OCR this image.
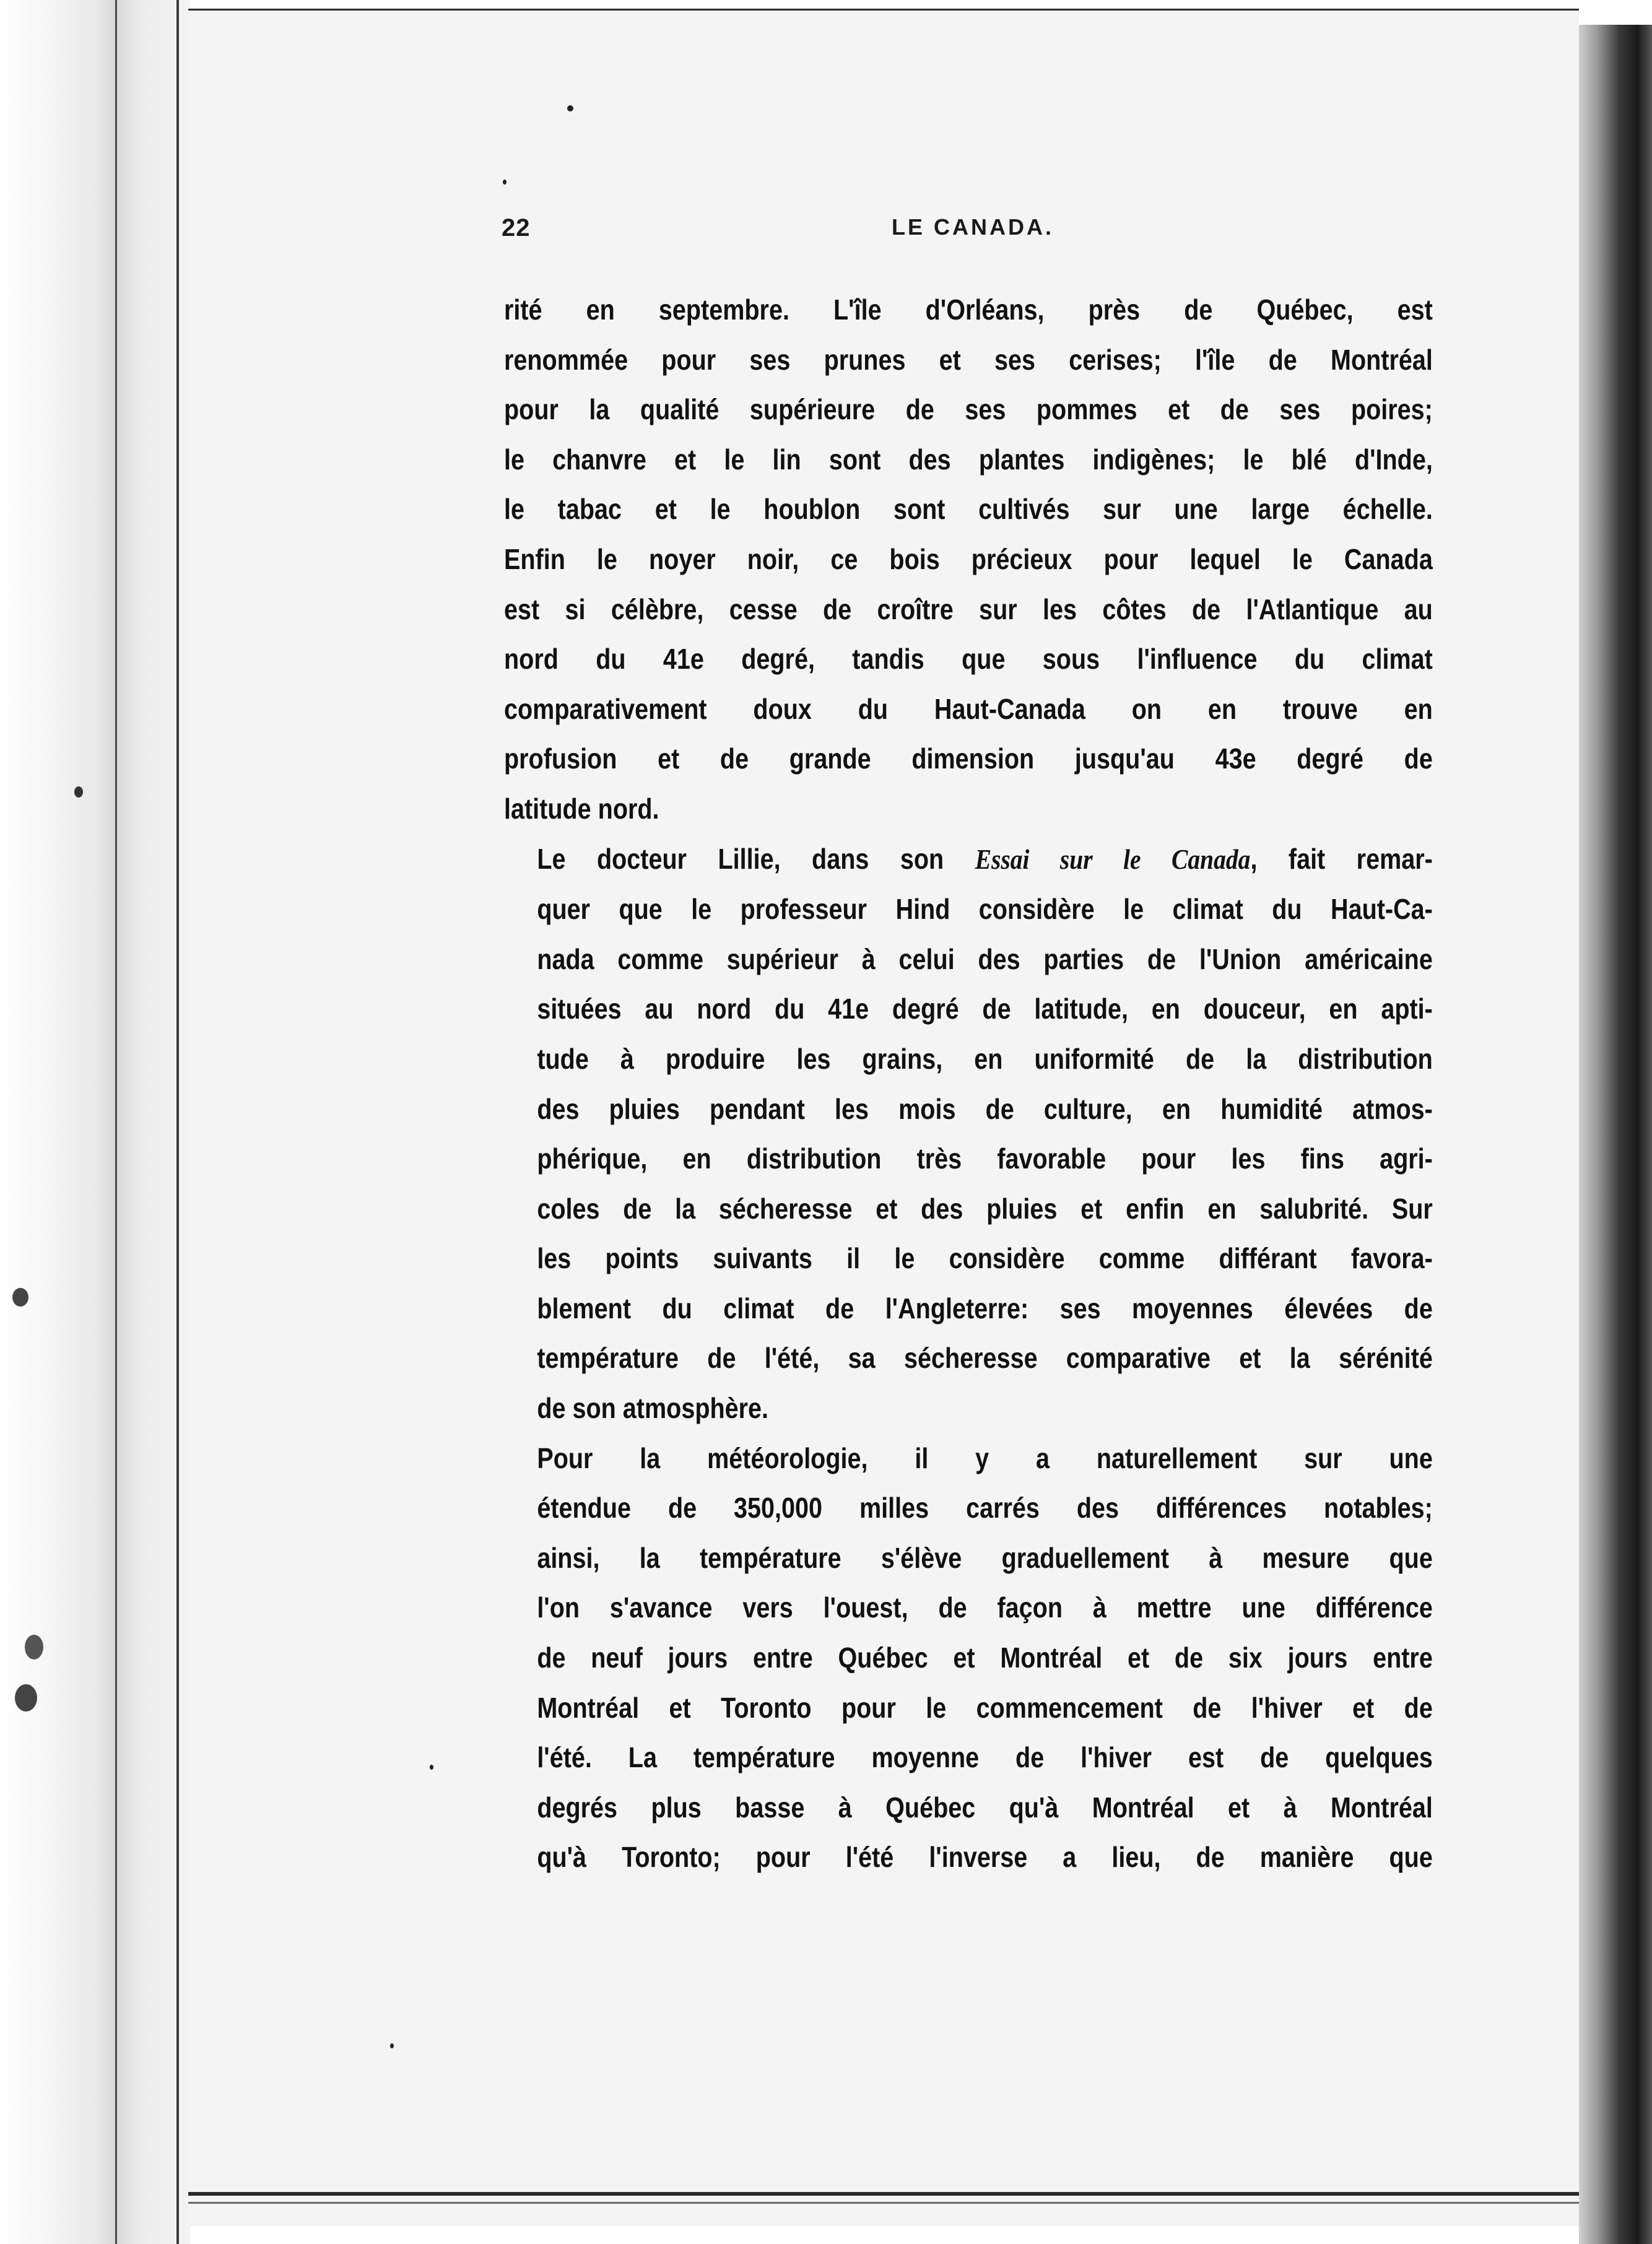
22	LE CANADA.

rité en septembre. L'île d'Orléans, près de Québec, est
renommée pour ses prunes et ses cerises; l'île de Montréal
pour la qualité supérieure de ses pommes et de ses poires;
le chanvre et le lin sont des plantes indigènes; le blé d'Inde,
le tabac et le houblon sont cultivés sur une large échelle.
Enfin le noyer noir, ce bois précieux pour lequel le Canada
est si célèbre, cesse de croître sur les côtes de l'Atlantique au
nord du 41e degré, tandis que sous l'influence du climat
comparativement doux du Haut-Canada on en trouve en
profusion et de grande dimension jusqu'au 43e degré de
latitude nord.

Le docteur Lillie, dans son Essai sur le Canada, fait remar-
quer que le professeur Hind considère le climat du Haut-Ca-
nada comme supérieur à celui des parties de l'Union américaine
situées au nord du 41e degré de latitude, en douceur, en apti-
tude à produire les grains, en uniformité de la distribution
des pluies pendant les mois de culture, en humidité atmos-
phérique, en distribution très favorable pour les fins agri-
coles de la sécheresse et des pluies et enfin en salubrité. Sur
les points suivants il le considère comme différant favora-
blement du climat de l'Angleterre: ses moyennes élevées de
température de l'été, sa sécheresse comparative et la sérénité
de son atmosphère.

Pour la météorologie, il y a naturellement sur une
étendue de 350,000 milles carrés des différences notables;
ainsi, la température s'élève graduellement à mesure que
l'on s'avance vers l'ouest, de façon à mettre une différence
de neuf jours entre Québec et Montréal et de six jours entre
Montréal et Toronto pour le commencement de l'hiver et de
l'été. La température moyenne de l'hiver est de quelques
degrés plus basse à Québec qu'à Montréal et à Montréal
qu'à Toronto; pour l'été l'inverse a lieu, de manière que
